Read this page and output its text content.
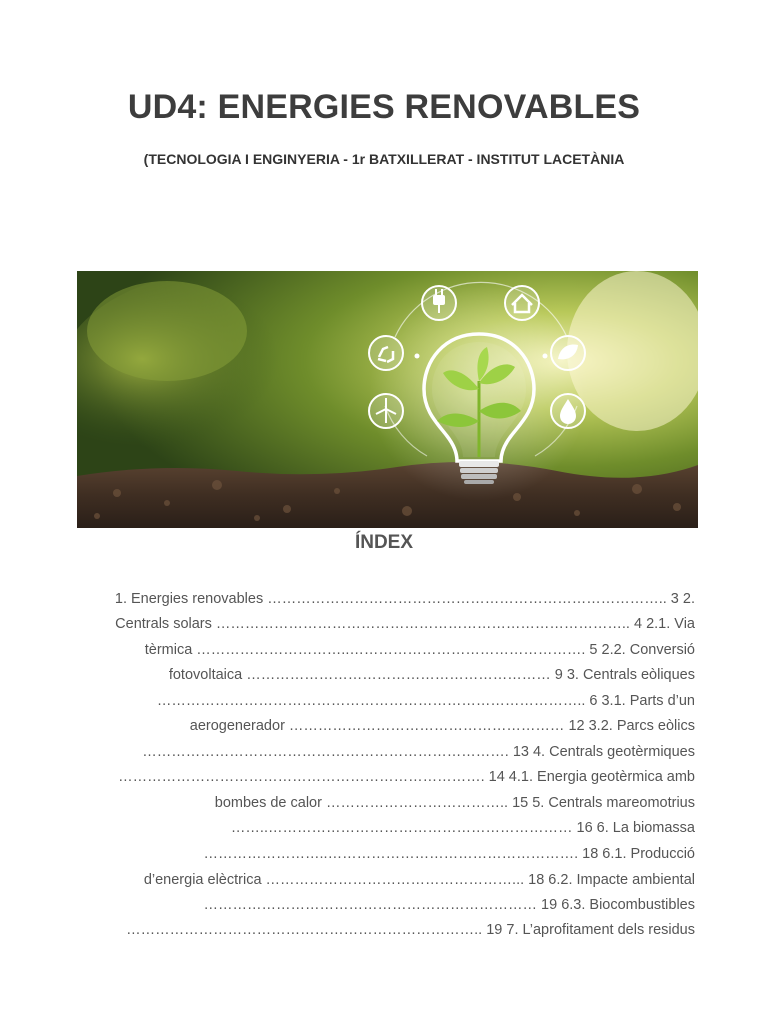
UD4: ENERGIES RENOVABLES
(TECNOLOGIA I ENGINYERIA - 1r BATXILLERAT - INSTITUT LACETÀNIA
ÍNDEX
1. Energies renovables ……………………………………………………………………….. 3 2.
Centrals solars ………………………………………………………………………….. 4 2.1. Via
tèrmica …………………………..…………………………………………. 5 2.2. Conversió
fotovoltaica ……………………………………………………… 9 3. Centrals eòliques
…………………………………………………………………………….. 6 3.1. Parts d’un
aerogenerador ………………………………………………… 12 3.2. Parcs eòlics
…………………………………………………………………. 13 4. Centrals geotèrmiques
…………………………………………………………………. 14 4.1. Energia geotèrmica amb
bombes de calor ……………………………….. 15 5. Centrals mareomotrius
……..……………………………………………………… 16 6. La biomassa
……………………..……………………………………………. 18 6.1. Producció
d’energia elèctrica ……………………………………………... 18 6.2. Impacte ambiental
…………………………………………………………… 19 6.3. Biocombustibles
……………………………………………………………….. 19 7. L’aprofitament dels residus
